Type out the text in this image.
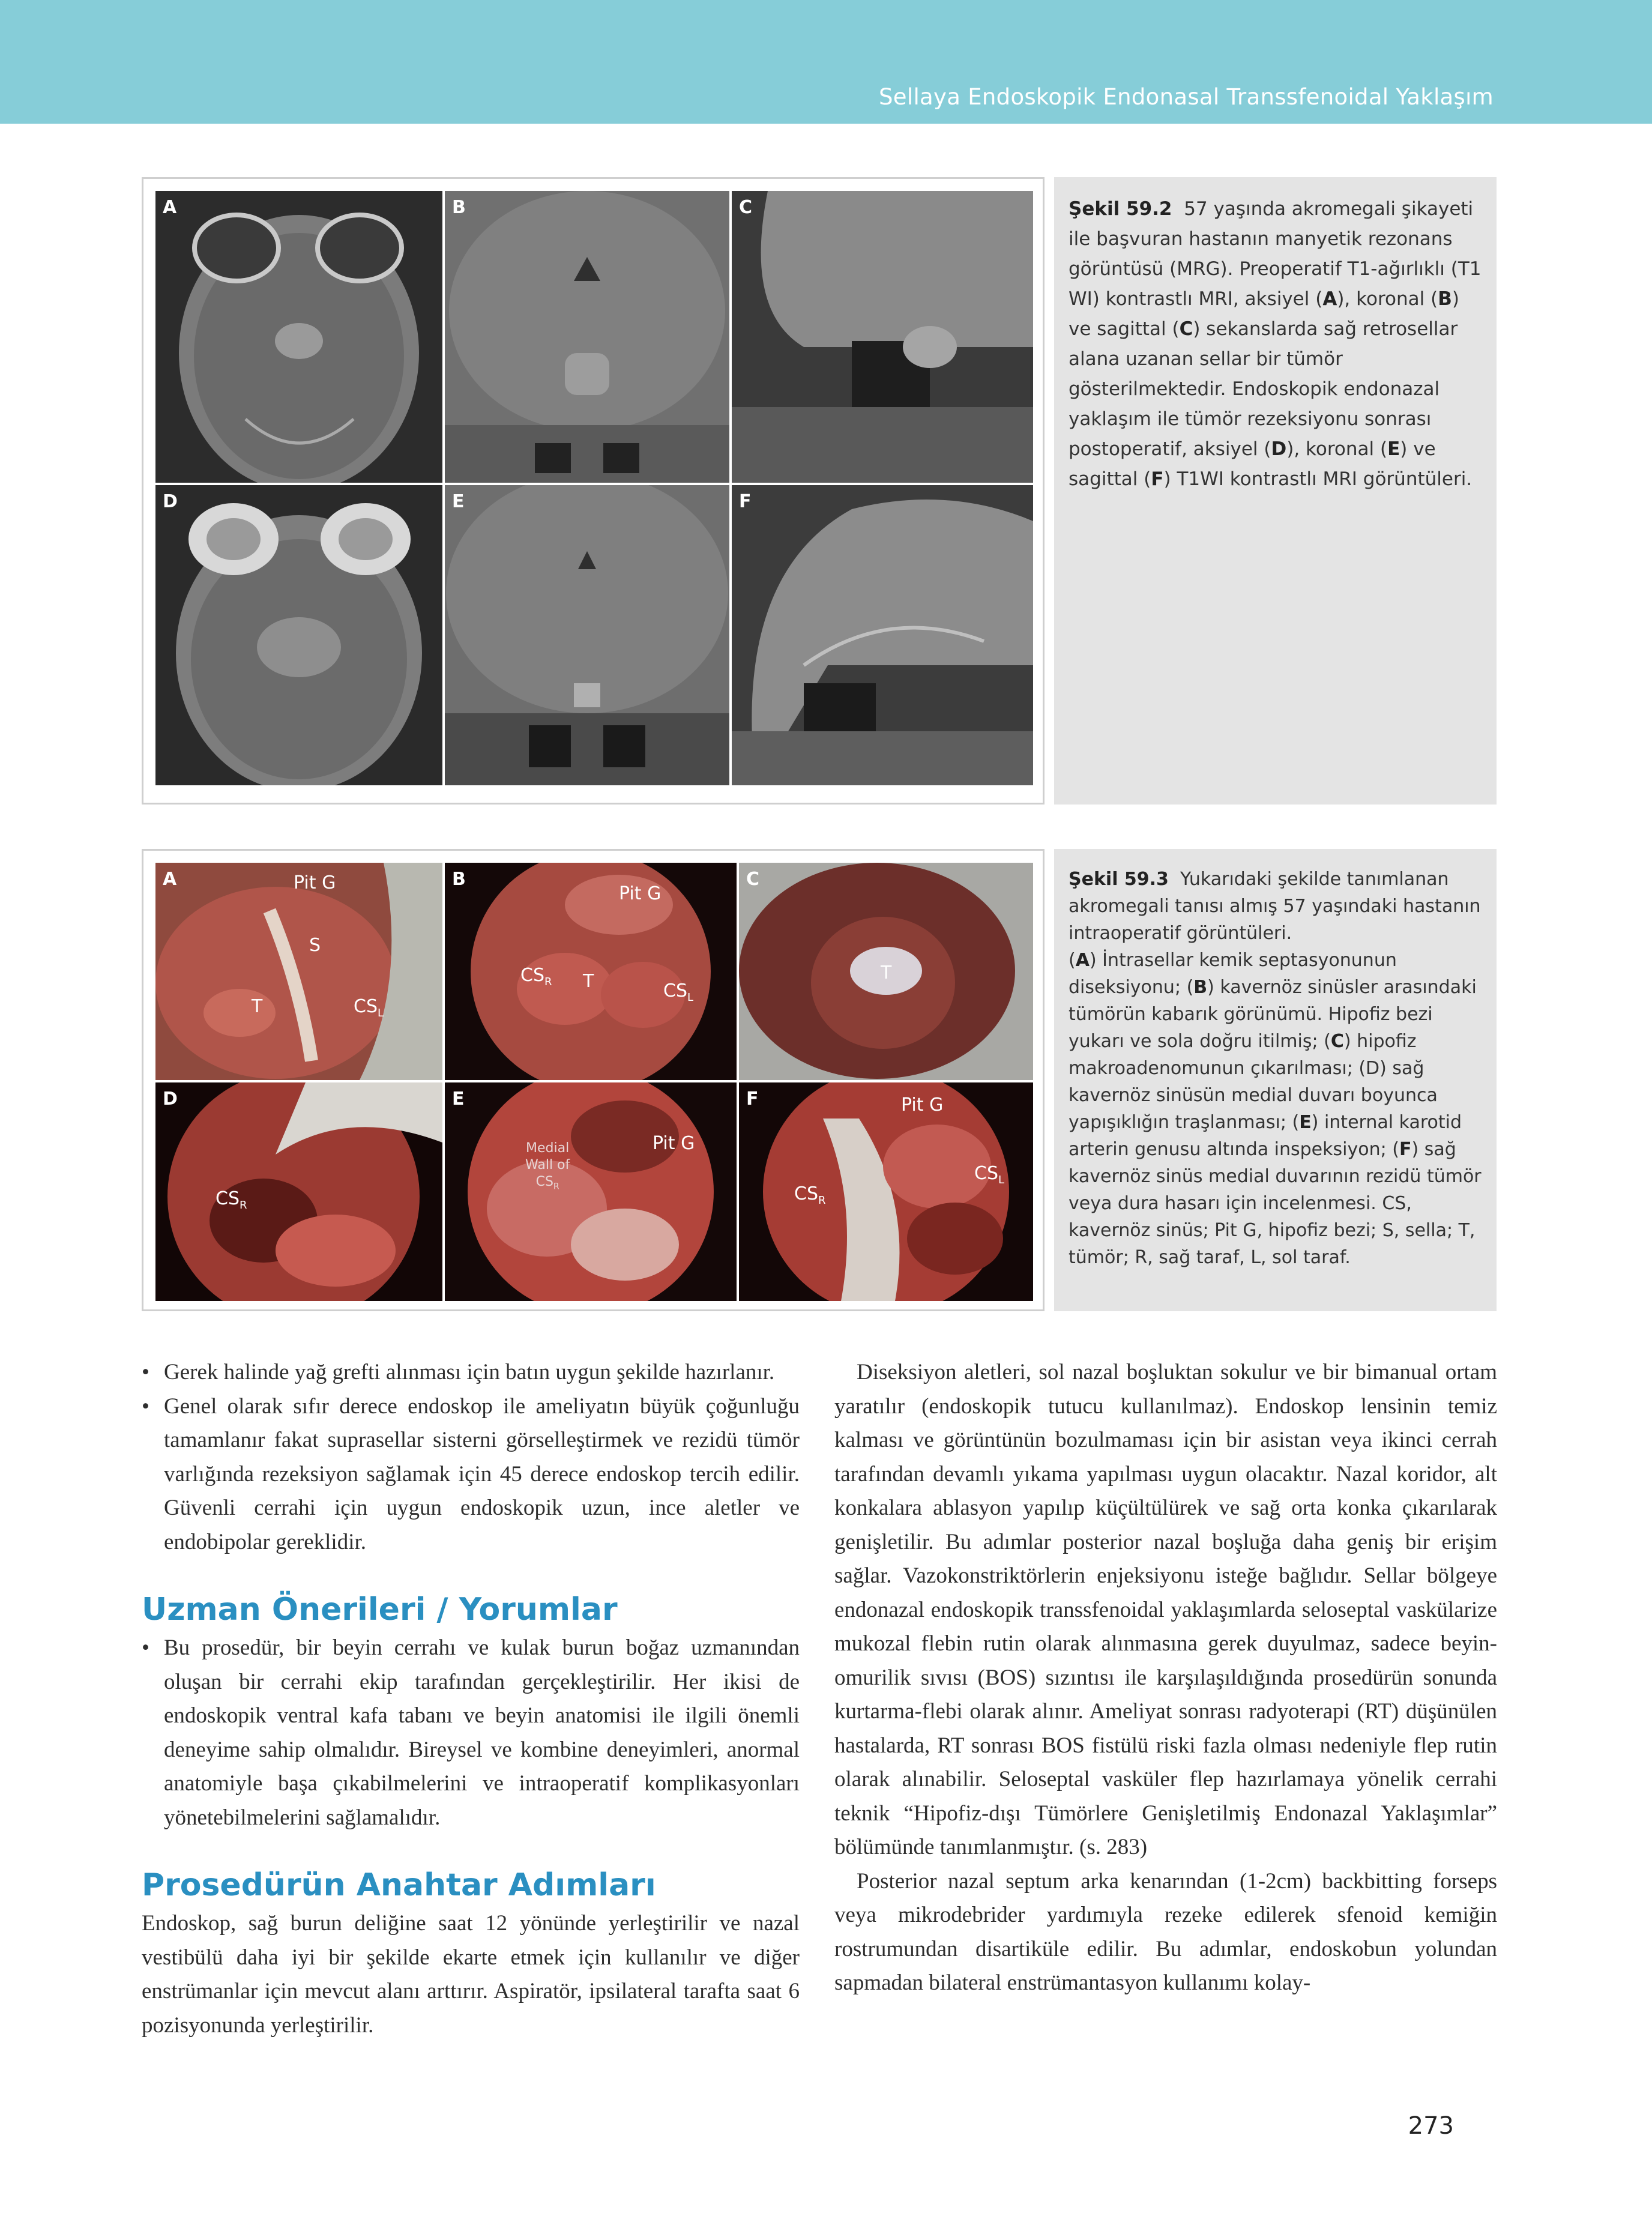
Sellaya Endoskopik Endonasal Transsfenoidal Yaklaşım
A	B	C
D	E	F
Şekil 59.2 57 yaşında akromegali şikayeti ile başvuran hastanın manyetik rezonans görüntüsü (MRG). Preoperatif T1-ağırlıklı (T1 WI) kontrastlı MRI, aksiyel (A), koronal (B) ve sagittal (C) sekanslarda sağ retrosellar alana uzanan sellar bir tümör gösterilmektedir. Endoskopik endonazal yaklaşım ile tümör rezeksiyonu sonrası postoperatif, aksiyel (D), koronal (E) ve sagittal (F) T1WI kontrastlı MRI görüntüleri.
A	Pit G
S
T	$CS_L$
B
Pit G
$CS_R$ T	$CS_L$
C
T
D
$CS_R$
E
Medial
Wall of
$CS_R$
Pit G
F	Pit G
$CS_R$
$CS_L$
Şekil 59.3 Yukarıdaki şekilde tanımlanan akromegali tanısı almış 57 yaşındaki hastanın intraoperatif görüntüleri.
(A) İntrasellar kemik septasyonunun diseksiyonu; (B) kavernöz sinüsler arasındaki tümörün kabarık görünümü. Hipofiz bezi yukarı ve sola doğru itilmiş; (C) hipofiz makroadenomunun çıkarılması; (D) sağ kavernöz sinüsün medial duvarı boyunca yapışıklığın traşlanması; (E) internal karotid arterin genusu altında inspeksiyon; (F) sağ kavernöz sinüs medial duvarının rezidü tümör veya dura hasarı için incelenmesi. CS, kavernöz sinüs; Pit G, hipofiz bezi; S, sella; T, tümör; R, sağ taraf, L, sol taraf.
• Gerek halinde yağ grefti alınması için batın uygun şekilde hazırlanır.
• Genel olarak sıfır derece endoskop ile ameliyatın büyük çoğunluğu tamamlanır fakat suprasellar sisterni görselleştirmek ve rezidü tümör varlığında rezeksiyon sağlamak için 45 derece endoskop tercih edilir. Güvenli cerrahi için uygun endoskopik uzun, ince aletler ve endobipolar gereklidir.
Uzman Önerileri / Yorumlar
• Bu prosedür, bir beyin cerrahı ve kulak burun boğaz uzmanından oluşan bir cerrahi ekip tarafından gerçekleştirilir. Her ikisi de endoskopik ventral kafa tabanı ve beyin anatomisi ile ilgili önemli deneyime sahip olmalıdır. Bireysel ve kombine deneyimleri, anormal anatomiyle başa çıkabilmelerini ve intraoperatif komplikasyonları yönetebilmelerini sağlamalıdır.
Prosedürün Anahtar Adımları

Endoskop, sağ burun deliğine saat 12 yönünde yerleştirilir ve nazal vestibülü daha iyi bir şekilde ekarte etmek için kullanılır ve diğer enstrümanlar için mevcut alanı arttırır. Aspiratör, ipsilateral tarafta saat 6 pozisyonunda yerleştirilir.

Diseksiyon aletleri, sol nazal boşluktan sokulur ve bir bimanual ortam yaratılır (endoskopik tutucu kullanılmaz). Endoskop lensinin temiz kalması ve görüntünün bozulmaması için bir asistan veya ikinci cerrah tarafından devamlı yıkama yapılması uygun olacaktır. Nazal koridor, alt konkalara ablasyon yapılıp küçültülürek ve sağ orta konka çıkarılarak genişletilir. Bu adımlar posterior nazal boşluğa daha geniş bir erişim sağlar. Vazokonstriktörlerin enjeksiyonu isteğe bağlıdır. Sellar bölgeye endonazal endoskopik transsfenoidal yaklaşımlarda seloseptal vaskülarize mukozal flebin rutin olarak alınmasına gerek duyulmaz, sadece beyin-omurilik sıvısı (BOS) sızıntısı ile karşılaşıldığında prosedürün sonunda kurtarma-flebi olarak alınır. Ameliyat sonrası radyoterapi (RT) düşünülen hastalarda, RT sonrası BOS fistülü riski fazla olması nedeniyle flep rutin olarak alınabilir. Seloseptal vasküler flep hazırlamaya yönelik cerrahi teknik “Hipofiz-dışı Tümörlere Genişletilmiş Endonazal Yaklaşımlar” bölümünde tanımlanmıştır. (s. 283)

Posterior nazal septum arka kenarından (1-2cm) backbitting forseps veya mikrodebrider yardımıyla rezeke edilerek sfenoid kemiğin rostrumundan disartiküle edilir. Bu adımlar, endoskobun yolundan sapmadan bilateral enstrümantasyon kullanımı kolay-

273
